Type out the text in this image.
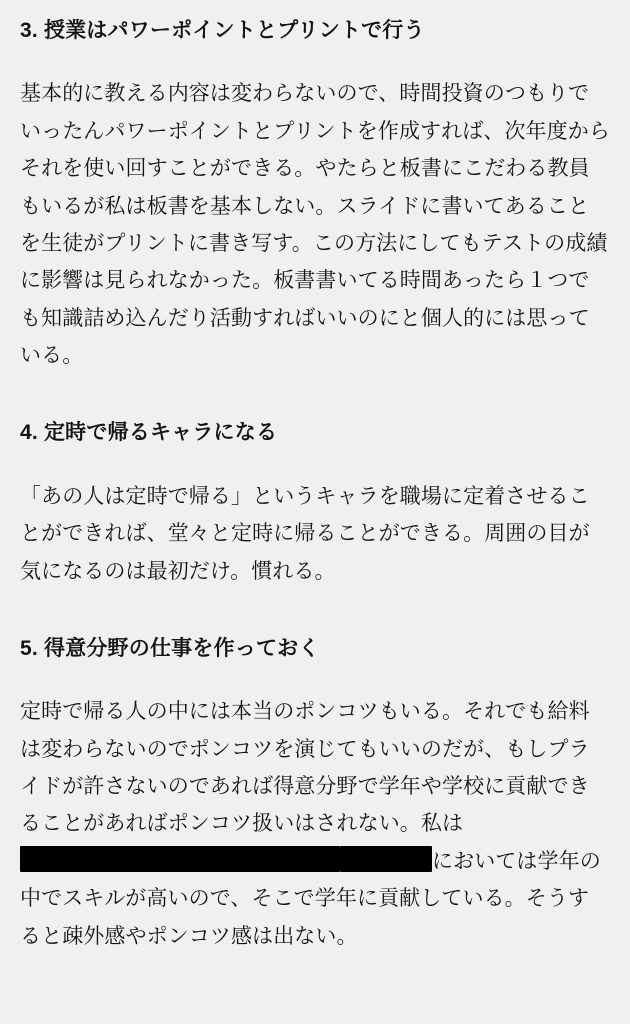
3. 授業はパワーポイントとプリントで行う

基本的に教える内容は変わらないので、時間投資のつもりでいったんパワーポイントとプリントを作成すれば、次年度からそれを使い回すことができる。やたらと板書にこだわる教員もいるが私は板書を基本しない。スライドに書いてあることを生徒がプリントに書き写す。この方法にしてもテストの成績に影響は見られなかった。板書書いてる時間あったら１つでも知識詰め込んだり活動すればいいのにと個人的には思っている。

4. 定時で帰るキャラになる

「あの人は定時で帰る」というキャラを職場に定着させることができれば、堂々と定時に帰ることができる。周囲の目が気になるのは最初だけ。慣れる。

5. 得意分野の仕事を作っておく

定時で帰る人の中には本当のポンコツもいる。それでも給料は変わらないのでポンコツを演じてもいいのだが、もしプライドが許さないのであれば得意分野で学年や学校に貢献できることがあればポンコツ扱いはされない。私はにおいては学年の中でスキルが高いので、そこで学年に貢献している。そうすると疎外感やポンコツ感は出ない。
